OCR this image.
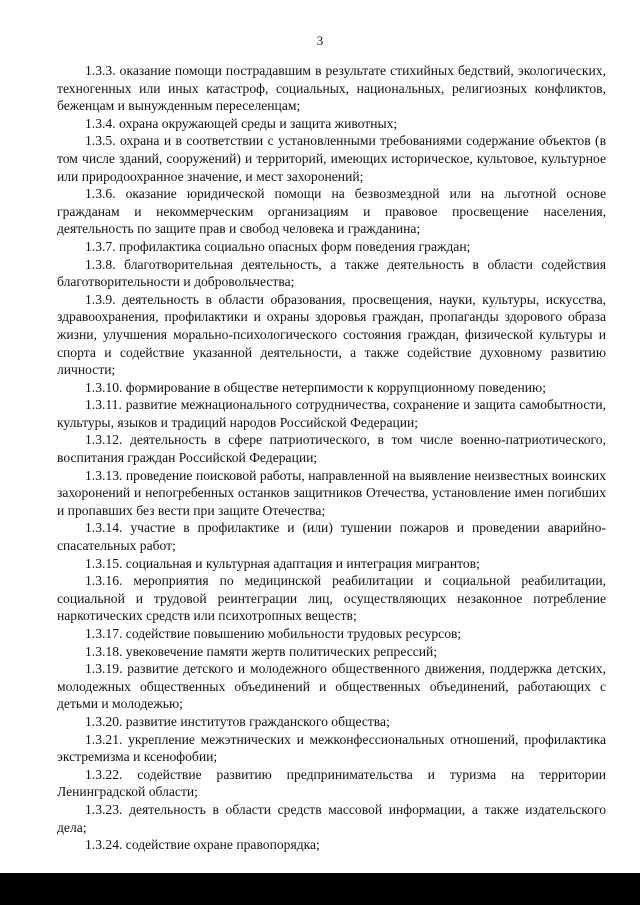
3

1.3.3. оказание помощи пострадавшим в результате стихийных бедствий, экологических, техногенных или иных катастроф, социальных, национальных, религиозных конфликтов, беженцам и вынужденным переселенцам;

1.3.4. охрана окружающей среды и защита животных;

1.3.5. охрана и в соответствии с установленными требованиями содержание объектов (в том числе зданий, сооружений) и территорий, имеющих историческое, культовое, культурное или природоохранное значение, и мест захоронений;

1.3.6. оказание юридической помощи на безвозмездной или на льготной основе гражданам и некоммерческим организациям и правовое просвещение населения, деятельность по защите прав и свобод человека и гражданина;

1.3.7. профилактика социально опасных форм поведения граждан;

1.3.8. благотворительная деятельность, а также деятельность в области содействия благотворительности и добровольчества;

1.3.9. деятельность в области образования, просвещения, науки, культуры, искусства, здравоохранения, профилактики и охраны здоровья граждан, пропаганды здорового образа жизни, улучшения морально-психологического состояния граждан, физической культуры и спорта и содействие указанной деятельности, а также содействие духовному развитию личности;

1.3.10. формирование в обществе нетерпимости к коррупционному поведению;

1.3.11. развитие межнационального сотрудничества, сохранение и защита самобытности, культуры, языков и традиций народов Российской Федерации;

1.3.12. деятельность в сфере патриотического, в том числе военно-патриотического, воспитания граждан Российской Федерации;

1.3.13. проведение поисковой работы, направленной на выявление неизвестных воинских захоронений и непогребенных останков защитников Отечества, установление имен погибших и пропавших без вести при защите Отечества;

1.3.14. участие в профилактике и (или) тушении пожаров и проведении аварийно-спасательных работ;

1.3.15. социальная и культурная адаптация и интеграция мигрантов;

1.3.16. мероприятия по медицинской реабилитации и социальной реабилитации, социальной и трудовой реинтеграции лиц, осуществляющих незаконное потребление наркотических средств или психотропных веществ;

1.3.17. содействие повышению мобильности трудовых ресурсов;

1.3.18. увековечение памяти жертв политических репрессий;

1.3.19. развитие детского и молодежного общественного движения, поддержка детских, молодежных общественных объединений и общественных объединений, работающих с детьми и молодежью;

1.3.20. развитие институтов гражданского общества;

1.3.21. укрепление межэтнических и межконфессиональных отношений, профилактика экстремизма и ксенофобии;

1.3.22. содействие развитию предпринимательства и туризма на территории Ленинградской области;

1.3.23. деятельность в области средств массовой информации, а также издательского дела;

1.3.24. содействие охране правопорядка;
